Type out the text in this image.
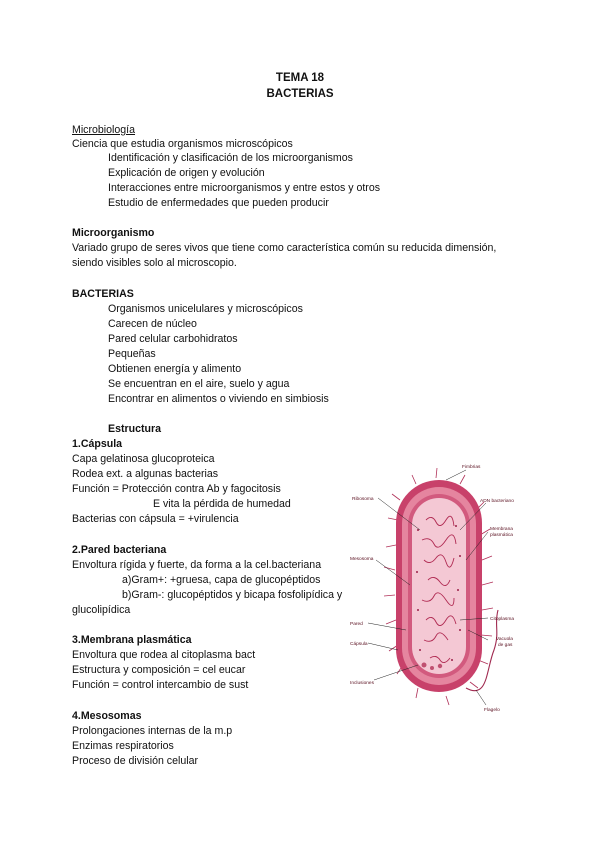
TEMA 18
BACTERIAS
Microbiología
Ciencia que estudia organismos microscópicos
Identificación y clasificación de los microorganismos
Explicación de origen y evolución
Interacciones entre microorganismos y entre estos y otros
Estudio de enfermedades que pueden producir
Microorganismo
Variado grupo de seres vivos que tiene como característica común su reducida dimensión,
siendo visibles solo al microscopio.
BACTERIAS
Organismos unicelulares y microscópicos
Carecen de núcleo
Pared celular carbohidratos
Pequeñas
Obtienen energía y alimento
Se encuentran en el aire, suelo y agua
Encontrar en alimentos o viviendo en simbiosis
Estructura
1.Cápsula
Capa gelatinosa glucoproteica
Rodea ext. a algunas bacterias
Función = Protección contra Ab y fagocitosis
E vita la pérdida de humedad
Bacterias con cápsula = +virulencia
2.Pared bacteriana
Envoltura rígida y fuerte, da forma a la cel.bacteriana
a)Gram+: +gruesa, capa de glucopéptidos
b)Gram-: glucopéptidos y bicapa fosfolipídica y
glucolipídica
3.Membrana plasmática
Envoltura que rodea al citoplasma bact
Estructura y composición = cel eucar
Función = control intercambio de sust
4.Mesosomas
Prolongaciones internas de la m.p
Enzimas respiratorios
Proceso de división celular
Fimbrias
Ribosoma	ADN bacteriano
Membrana
plasmática
Mesosoma
Pared
Cápsula
Citoplasma
Vacuola
de gas
Inclusiones
Flagelo
